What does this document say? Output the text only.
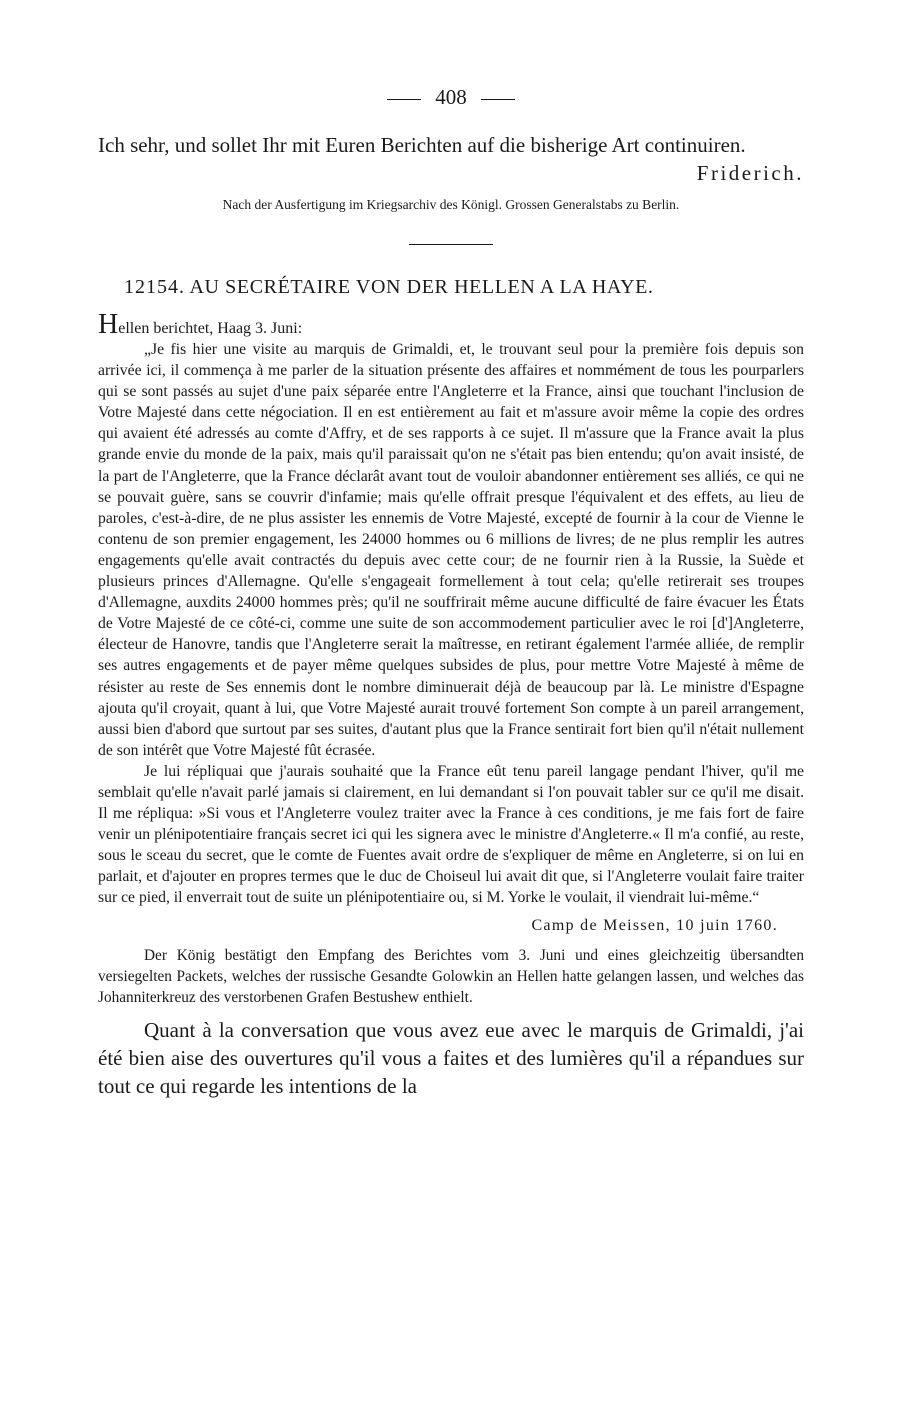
408
Ich sehr, und sollet Ihr mit Euren Berichten auf die bisherige Art continuiren.
Friderich.
Nach der Ausfertigung im Kriegsarchiv des Königl. Grossen Generalstabs zu Berlin.
12154. AU SECRÉTAIRE VON DER HELLEN A LA HAYE.
Hellen berichtet, Haag 3. Juni:

„Je fis hier une visite au marquis de Grimaldi, et, le trouvant seul pour la première fois depuis son arrivée ici, il commença à me parler de la situation présente des affaires et nommément de tous les pourparlers qui se sont passés au sujet d'une paix séparée entre l'Angleterre et la France, ainsi que touchant l'inclusion de Votre Majesté dans cette négociation. Il en est entièrement au fait et m'assure avoir même la copie des ordres qui avaient été adressés au comte d'Affry, et de ses rapports à ce sujet. Il m'assure que la France avait la plus grande envie du monde de la paix, mais qu'il paraissait qu'on ne s'était pas bien entendu; qu'on avait insisté, de la part de l'Angleterre, que la France déclarât avant tout de vouloir abandonner entièrement ses alliés, ce qui ne se pouvait guère, sans se couvrir d'infamie; mais qu'elle offrait presque l'équivalent et des effets, au lieu de paroles, c'est-à-dire, de ne plus assister les ennemis de Votre Majesté, excepté de fournir à la cour de Vienne le contenu de son premier engagement, les 24000 hommes ou 6 millions de livres; de ne plus remplir les autres engagements qu'elle avait contractés du depuis avec cette cour; de ne fournir rien à la Russie, la Suède et plusieurs princes d'Allemagne. Qu'elle s'engageait formellement à tout cela; qu'elle retirerait ses troupes d'Allemagne, auxdits 24000 hommes près; qu'il ne souffrirait même aucune difficulté de faire évacuer les États de Votre Majesté de ce côté-ci, comme une suite de son accommodement particulier avec le roi [d']Angleterre, électeur de Hanovre, tandis que l'Angleterre serait la maîtresse, en retirant également l'armée alliée, de remplir ses autres engagements et de payer même quelques subsides de plus, pour mettre Votre Majesté à même de résister au reste de Ses ennemis dont le nombre diminuerait déjà de beaucoup par là. Le ministre d'Espagne ajouta qu'il croyait, quant à lui, que Votre Majesté aurait trouvé fortement Son compte à un pareil arrangement, aussi bien d'abord que surtout par ses suites, d'autant plus que la France sentirait fort bien qu'il n'était nullement de son intérêt que Votre Majesté fût écrasée.

Je lui répliquai que j'aurais souhaité que la France eût tenu pareil langage pendant l'hiver, qu'il me semblait qu'elle n'avait parlé jamais si clairement, en lui demandant si l'on pouvait tabler sur ce qu'il me disait. Il me répliqua: »Si vous et l'Angleterre voulez traiter avec la France à ces conditions, je me fais fort de faire venir un plénipotentiaire français secret ici qui les signera avec le ministre d'Angleterre.« Il m'a confié, au reste, sous le sceau du secret, que le comte de Fuentes avait ordre de s'expliquer de même en Angleterre, si on lui en parlait, et d'ajouter en propres termes que le duc de Choiseul lui avait dit que, si l'Angleterre voulait faire traiter sur ce pied, il enverrait tout de suite un plénipotentiaire ou, si M. Yorke le voulait, il viendrait lui-même.“

Camp de Meissen, 10 juin 1760.

Der König bestätigt den Empfang des Berichtes vom 3. Juni und eines gleichzeitig übersandten versiegelten Packets, welches der russische Gesandte Golowkin an Hellen hatte gelangen lassen, und welches das Johanniterkreuz des verstorbenen Grafen Bestushew enthielt.

Quant à la conversation que vous avez eue avec le marquis de Grimaldi, j'ai été bien aise des ouvertures qu'il vous a faites et des lumières qu'il a répandues sur tout ce qui regarde les intentions de la
